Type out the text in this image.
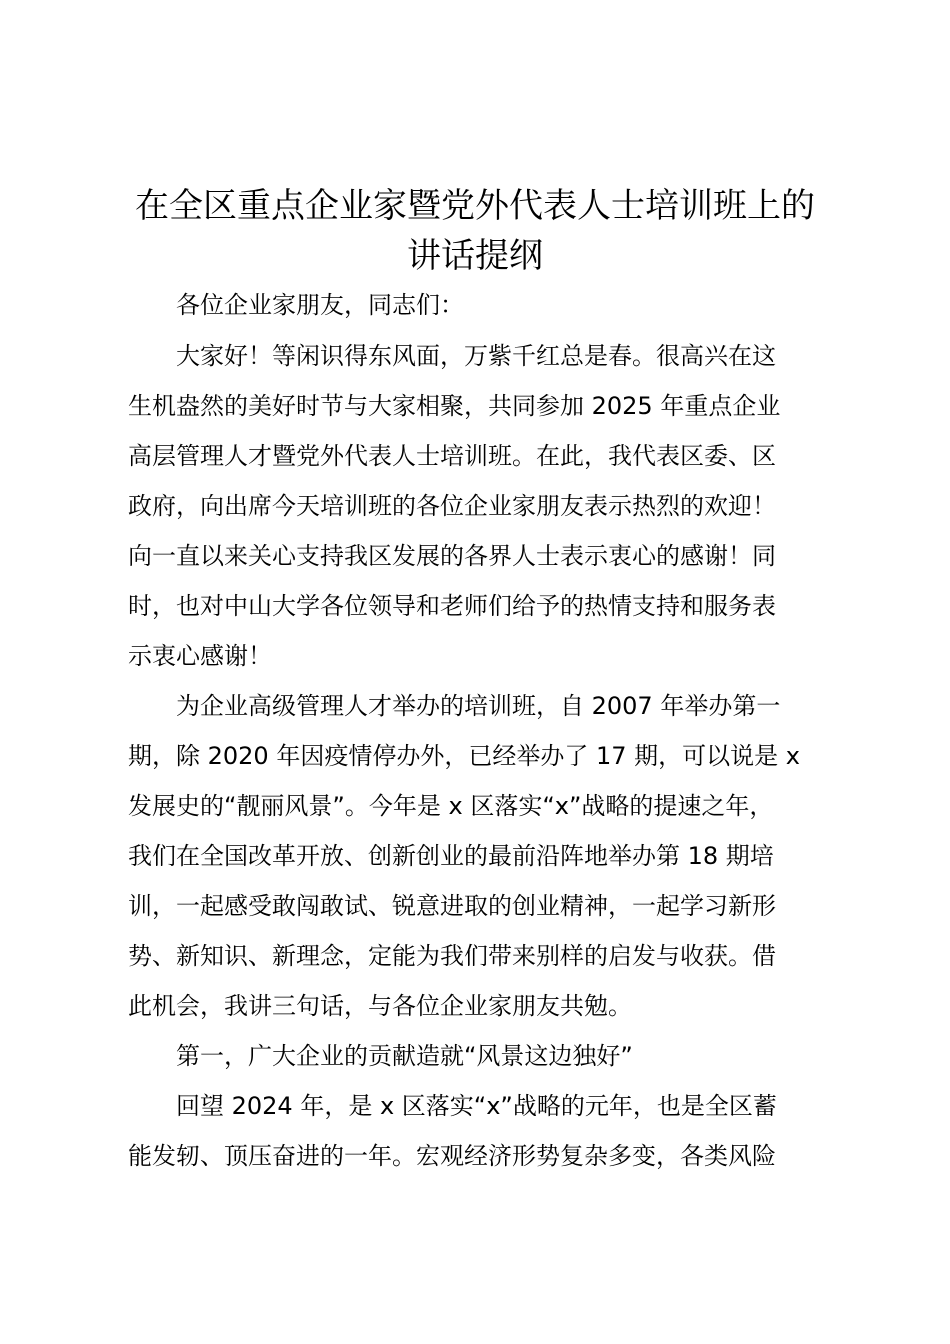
在全区重点企业家暨党外代表人士培训班上的
讲话提纲
各位企业家朋友，同志们：
大家好！等闲识得东风面，万紫千红总是春。很高兴在这
生机盎然的美好时节与大家相聚，共同参加 2025 年重点企业
高层管理人才暨党外代表人士培训班。在此，我代表区委、区
政府，向出席今天培训班的各位企业家朋友表示热烈的欢迎！
向一直以来关心支持我区发展的各界人士表示衷心的感谢！同
时，也对中山大学各位领导和老师们给予的热情支持和服务表
示衷心感谢！
为企业高级管理人才举办的培训班，自 2007 年举办第一
期，除 2020 年因疫情停办外，已经举办了 17 期，可以说是 x
发展史的“靓丽风景”。今年是 x 区落实“x”战略的提速之年，
我们在全国改革开放、创新创业的最前沿阵地举办第 18 期培
训，一起感受敢闯敢试、锐意进取的创业精神，一起学习新形
势、新知识、新理念，定能为我们带来别样的启发与收获。借
此机会，我讲三句话，与各位企业家朋友共勉。
第一，广大企业的贡献造就“风景这边独好”
回望 2024 年，是 x 区落实“x”战略的元年，也是全区蓄
能发轫、顶压奋进的一年。宏观经济形势复杂多变，各类风险
